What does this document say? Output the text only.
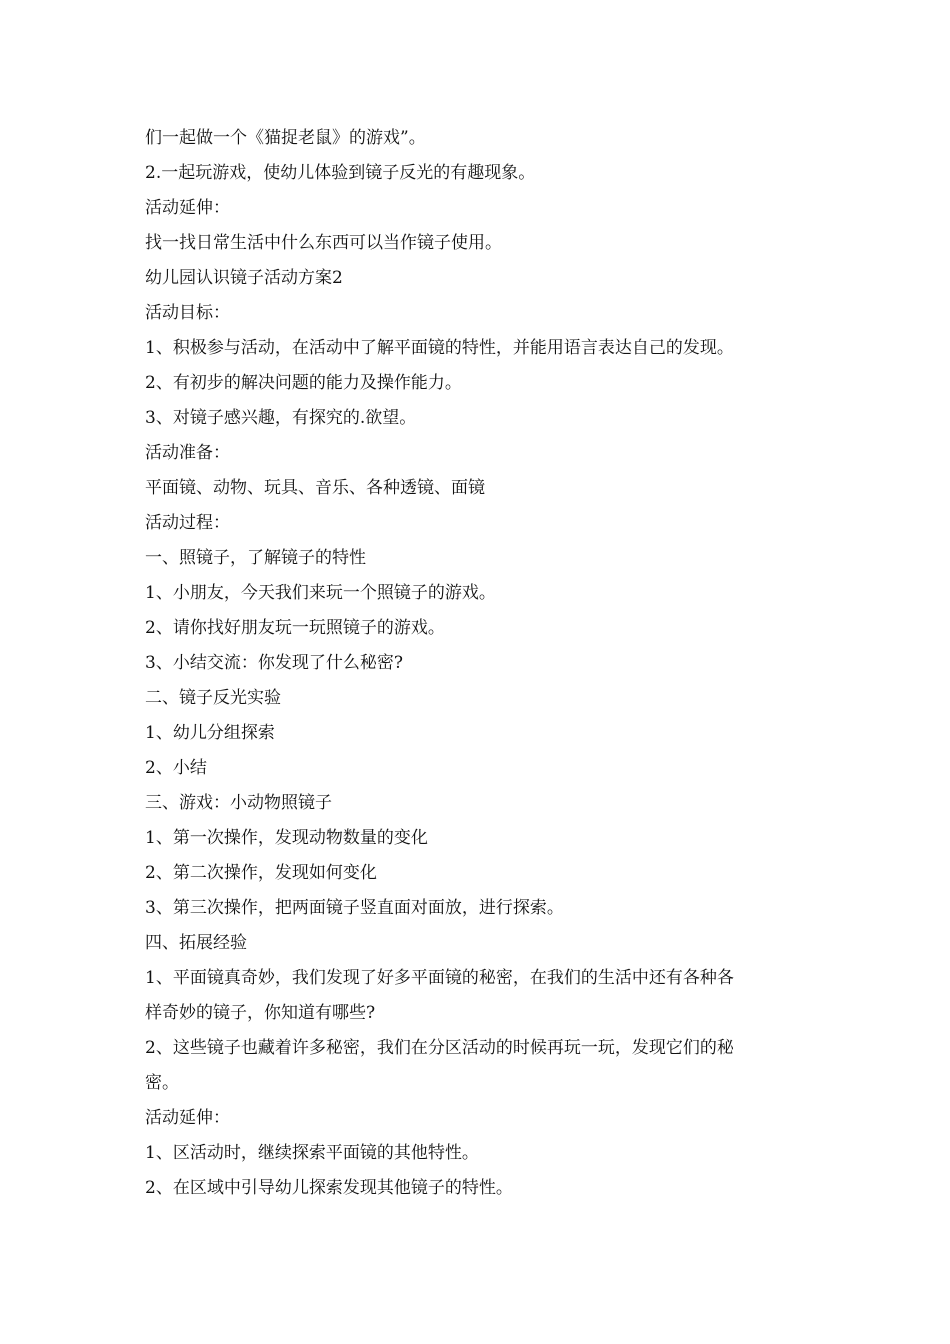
们一起做一个《猫捉老鼠》的游戏”。
2.一起玩游戏，使幼儿体验到镜子反光的有趣现象。
活动延伸：
找一找日常生活中什么东西可以当作镜子使用。
幼儿园认识镜子活动方案2
活动目标：
1、积极参与活动，在活动中了解平面镜的特性，并能用语言表达自己的发现。
2、有初步的解决问题的能力及操作能力。
3、对镜子感兴趣，有探究的.欲望。
活动准备：
平面镜、动物、玩具、音乐、各种透镜、面镜
活动过程：
一、照镜子，了解镜子的特性
1、小朋友，今天我们来玩一个照镜子的游戏。
2、请你找好朋友玩一玩照镜子的游戏。
3、小结交流：你发现了什么秘密?
二、镜子反光实验
1、幼儿分组探索
2、小结
三、游戏：小动物照镜子
1、第一次操作，发现动物数量的变化
2、第二次操作，发现如何变化
3、第三次操作，把两面镜子竖直面对面放，进行探索。
四、拓展经验
1、平面镜真奇妙，我们发现了好多平面镜的秘密，在我们的生活中还有各种各
样奇妙的镜子，你知道有哪些?
2、这些镜子也藏着许多秘密，我们在分区活动的时候再玩一玩，发现它们的秘
密。
活动延伸：
1、区活动时，继续探索平面镜的其他特性。
2、在区域中引导幼儿探索发现其他镜子的特性。
